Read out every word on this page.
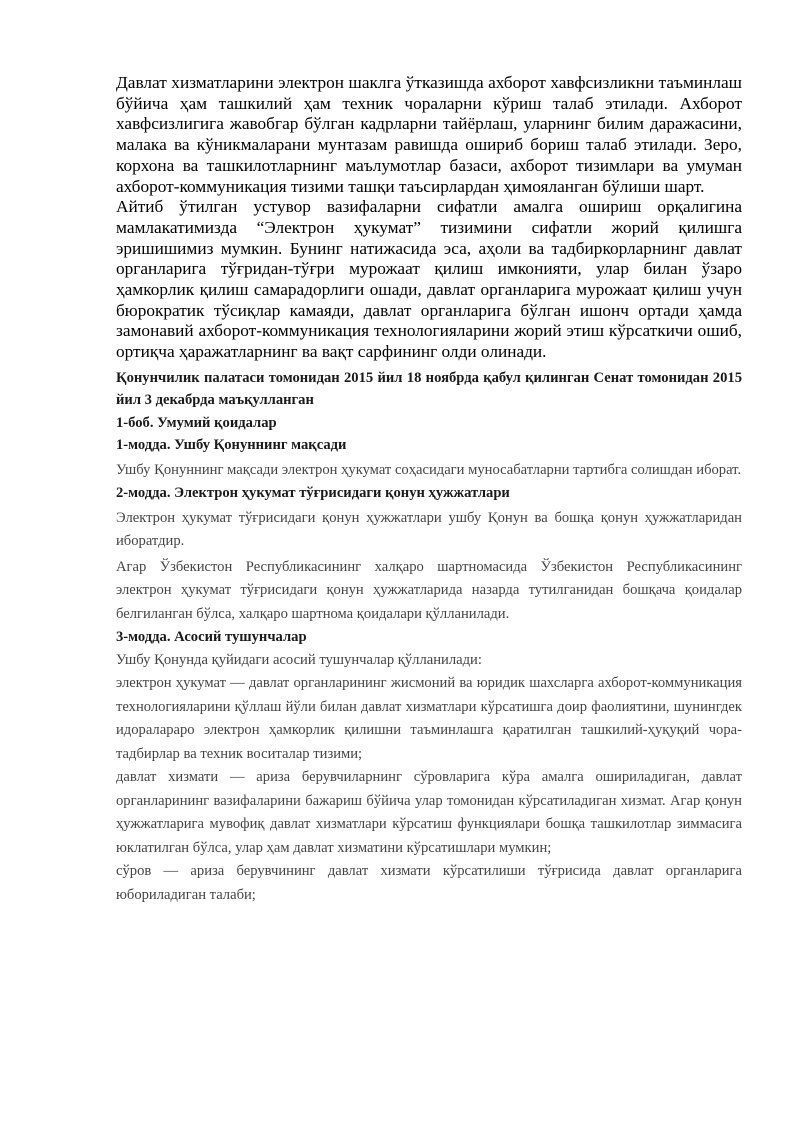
Давлат хизматларини электрон шаклга ўтказишда ахборот хавфсизликни таъминлаш бўйича ҳам ташкилий ҳам техник чораларни кўриш талаб этилади. Ахборот хавфсизлигига жавобгар бўлган кадрларни тайёрлаш, уларнинг билим даражасини, малака ва кўникмаларани мунтазам равишда ошириб бориш талаб этилади. Зеро, корхона ва ташкилотларнинг маълумотлар базаси, ахборот тизимлари ва умуман ахборот-коммуникация тизими ташқи таъсирлардан ҳимояланган бўлиши шарт.

Айтиб ўтилган устувор вазифаларни сифатли амалга ошириш орқалигина мамлакатимизда “Электрон ҳукумат” тизимини сифатли жорий қилишга эришишимиз мумкин. Бунинг натижасида эса, аҳоли ва тадбиркорларнинг давлат органларига тўғридан-тўғри мурожаат қилиш имконияти, улар билан ўзаро ҳамкорлик қилиш самарадорлиги ошади, давлат органларига мурожаат қилиш учун бюрократик тўсиқлар камаяди, давлат органларига бўлган ишонч ортади ҳамда замонавий ахборот-коммуникация технологияларини жорий этиш кўрсаткичи ошиб, ортиқча ҳаражатларнинг ва вақт сарфининг олди олинади.

Қонунчилик палатаси томонидан 2015 йил 18 ноябрда қабул қилинган Сенат томонидан 2015 йил 3 декабрда маъқулланган

1-боб. Умумий қоидалар

1-модда. Ушбу Қонуннинг мақсади

Ушбу Қонуннинг мақсади электрон ҳукумат соҳасидаги муносабатларни тартибга солишдан иборат.

2-модда. Электрон ҳукумат тўғрисидаги қонун ҳужжатлари

Электрон ҳукумат тўғрисидаги қонун ҳужжатлари ушбу Қонун ва бошқа қонун ҳужжатларидан иборатдир.

Агар Ўзбекистон Республикасининг халқаро шартномасида Ўзбекистон Республикасининг электрон ҳукумат тўғрисидаги қонун ҳужжатларида назарда тутилганидан бошқача қоидалар белгиланган бўлса, халқаро шартнома қоидалари қўлланилади.

3-модда. Асосий тушунчалар

Ушбу Қонунда қуйидаги асосий тушунчалар қўлланилади:

электрон ҳукумат — давлат органларининг жисмоний ва юридик шахсларга ахборот-коммуникация технологияларини қўллаш йўли билан давлат хизматлари кўрсатишга доир фаолиятини, шунингдек идоралараро электрон ҳамкорлик қилишни таъминлашга қаратилган ташкилий-ҳуқуқий чора-тадбирлар ва техник воситалар тизими;

давлат хизмати — ариза берувчиларнинг сўровларига кўра амалга ошириладиган, давлат органларининг вазифаларини бажариш бўйича улар томонидан кўрсатиладиган хизмат. Агар қонун ҳужжатларига мувофиқ давлат хизматлари кўрсатиш функциялари бошқа ташкилотлар зиммасига юклатилган бўлса, улар ҳам давлат хизматини кўрсатишлари мумкин;

сўров — ариза берувчининг давлат хизмати кўрсатилиши тўғрисида давлат органларига юбориладиган талаби;
